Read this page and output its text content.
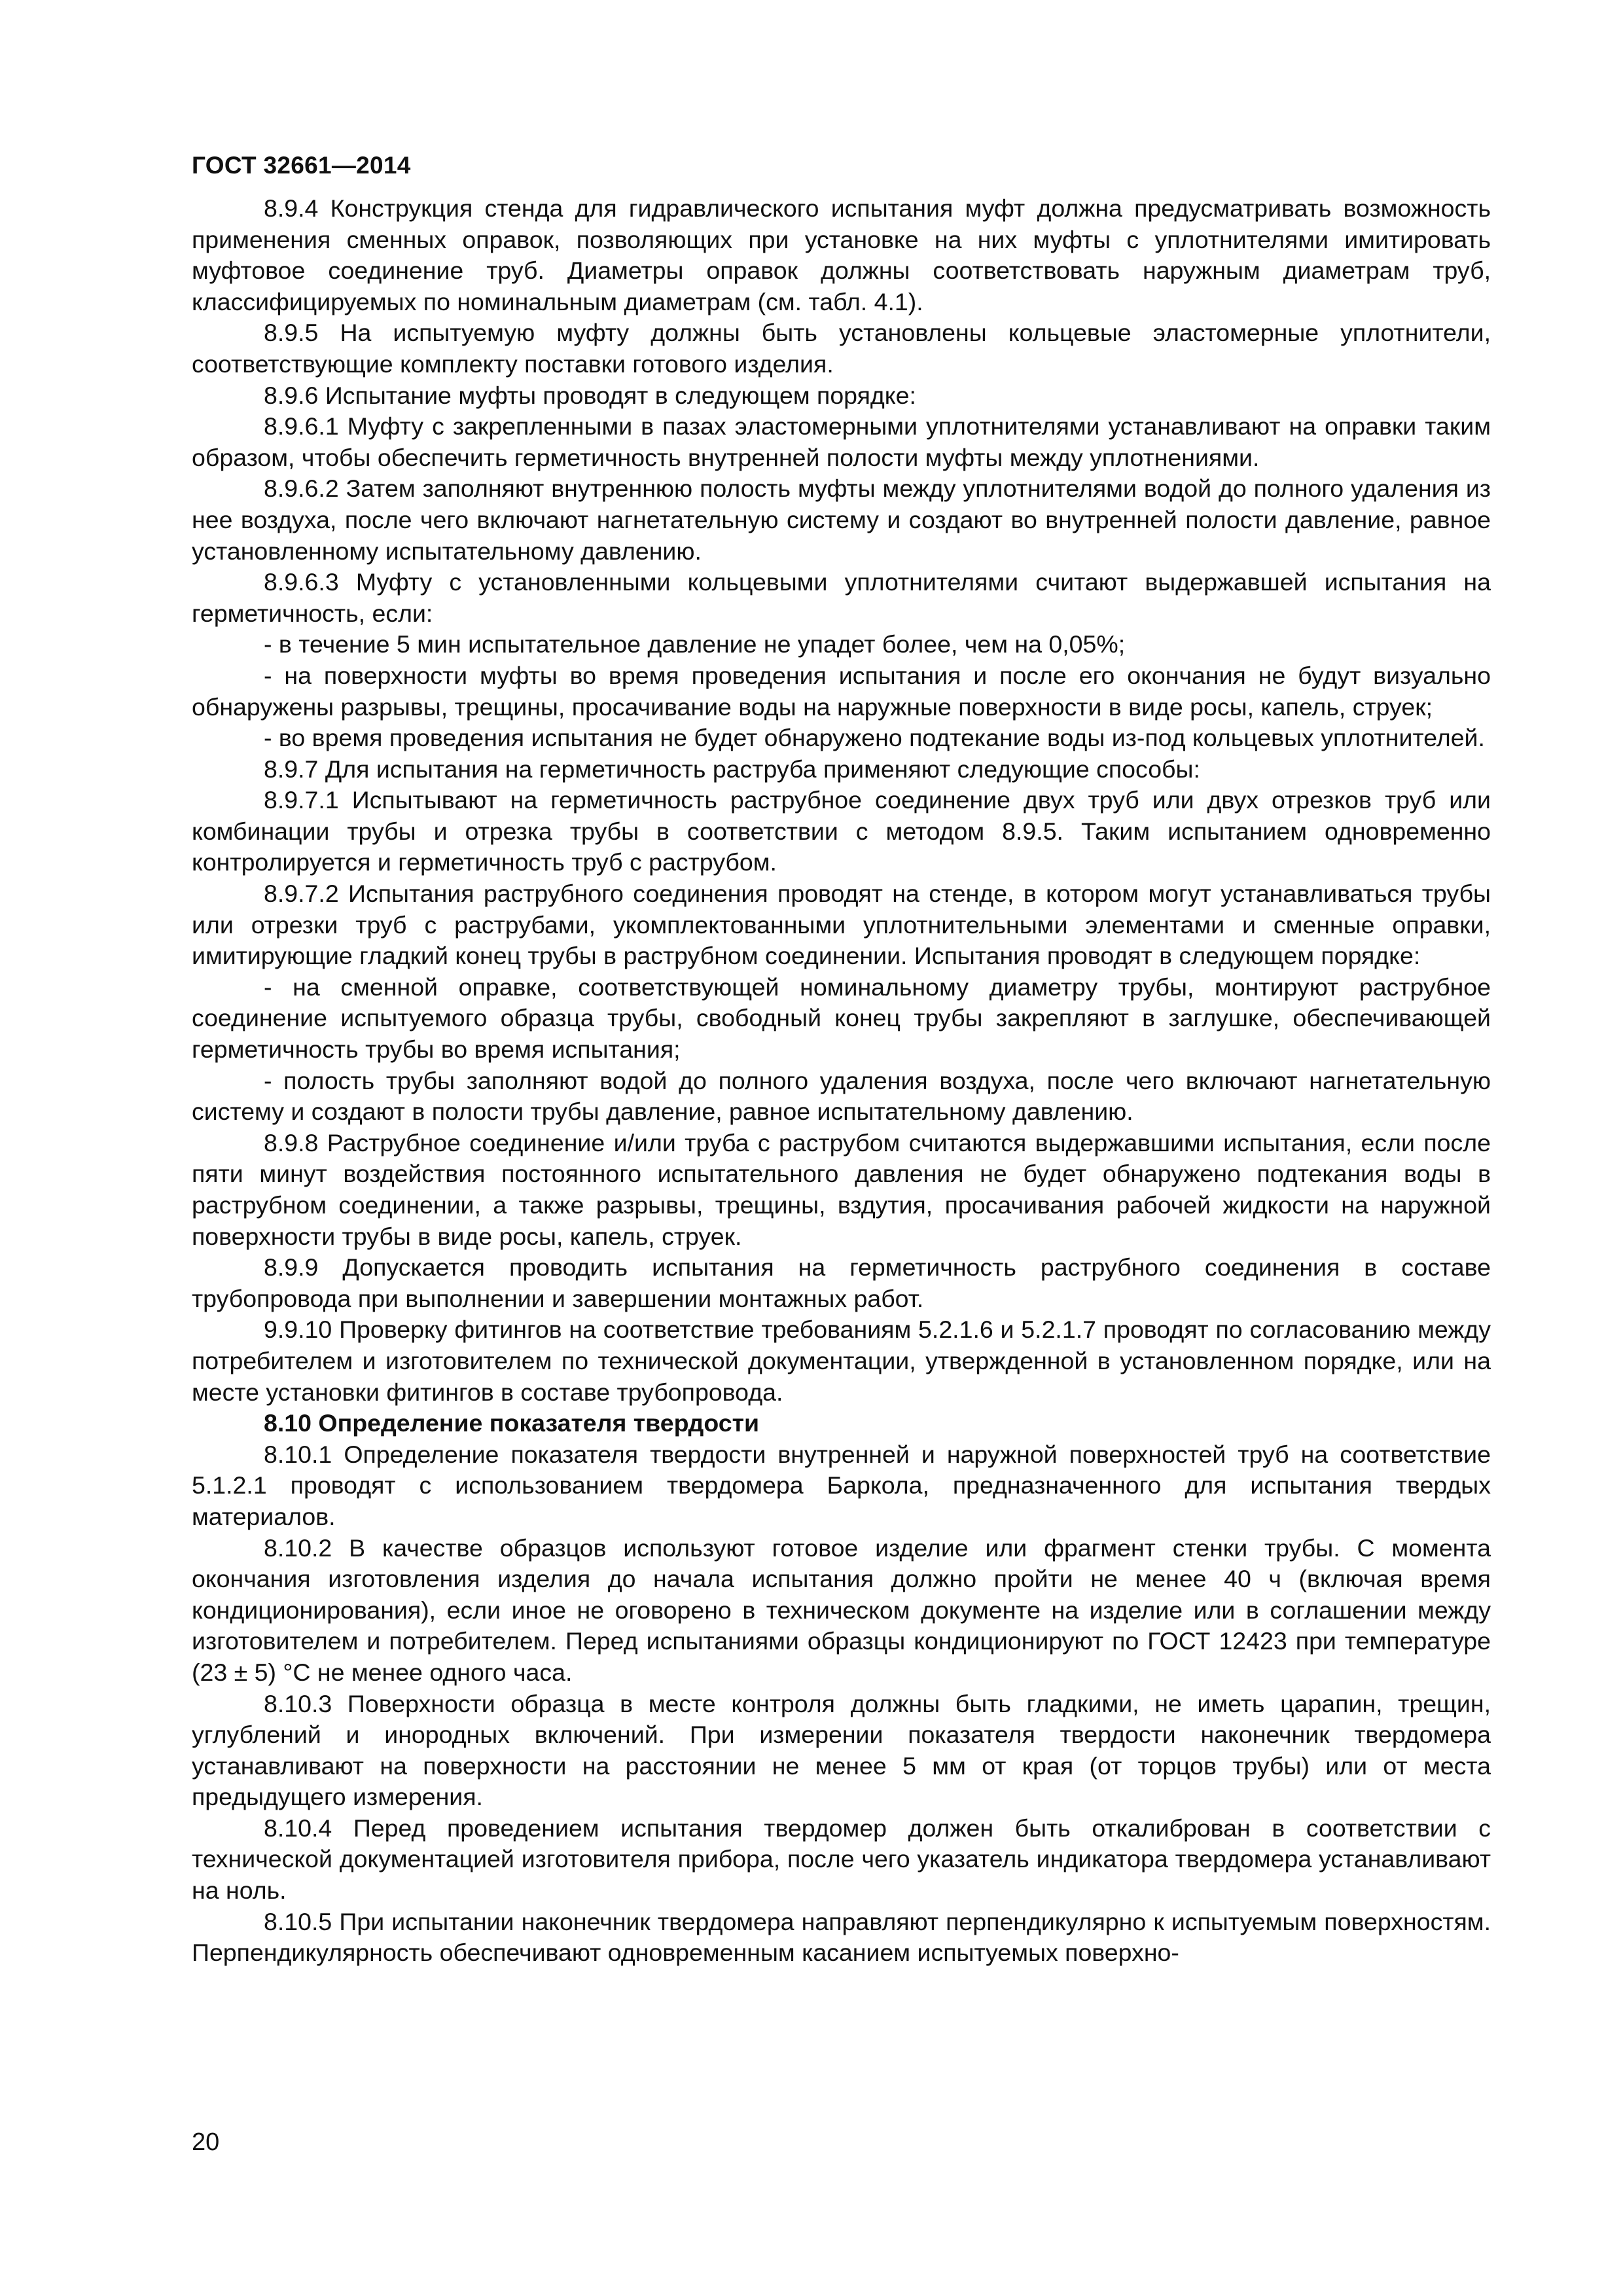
ГОСТ 32661—2014

8.9.4 Конструкция стенда для гидравлического испытания муфт должна предусматривать возможность применения сменных оправок, позволяющих при установке на них муфты с уплотнителями имитировать муфтовое соединение труб. Диаметры оправок должны соответствовать наружным диаметрам труб, классифицируемых по номинальным диаметрам (см. табл. 4.1).

8.9.5 На испытуемую муфту должны быть установлены кольцевые эластомерные уплотнители, соответствующие комплекту поставки готового изделия.

8.9.6 Испытание муфты проводят в следующем порядке:

8.9.6.1 Муфту с закрепленными в пазах эластомерными уплотнителями устанавливают на оправки таким образом, чтобы обеспечить герметичность внутренней полости муфты между уплотнениями.

8.9.6.2 Затем заполняют внутреннюю полость муфты между уплотнителями водой до полного удаления из нее воздуха, после чего включают нагнетательную систему и создают во внутренней полости давление, равное установленному испытательному давлению.

8.9.6.3 Муфту с установленными кольцевыми уплотнителями считают выдержавшей испытания на герметичность, если:

- в течение 5 мин испытательное давление не упадет более, чем на 0,05%;

- на поверхности муфты во время проведения испытания и после его окончания не будут визуально обнаружены разрывы, трещины, просачивание воды на наружные поверхности в виде росы, капель, струек;

- во время проведения испытания не будет обнаружено подтекание воды из-под кольцевых уплотнителей.

8.9.7 Для испытания на герметичность раструба применяют следующие способы:

8.9.7.1 Испытывают на герметичность раструбное соединение двух труб или двух отрезков труб или комбинации трубы и отрезка трубы в соответствии с методом 8.9.5. Таким испытанием одновременно контролируется и герметичность труб с раструбом.

8.9.7.2 Испытания раструбного соединения проводят на стенде, в котором могут устанавливаться трубы или отрезки труб с раструбами, укомплектованными уплотнительными элементами и сменные оправки, имитирующие гладкий конец трубы в раструбном соединении. Испытания проводят в следующем порядке:

- на сменной оправке, соответствующей номинальному диаметру трубы, монтируют раструбное соединение испытуемого образца трубы, свободный конец трубы закрепляют в заглушке, обеспечивающей герметичность трубы во время испытания;

- полость трубы заполняют водой до полного удаления воздуха, после чего включают нагнетательную систему и создают в полости трубы давление, равное испытательному давлению.

8.9.8 Раструбное соединение и/или труба с раструбом считаются выдержавшими испытания, если после пяти минут воздействия постоянного испытательного давления не будет обнаружено подтекания воды в раструбном соединении, а также разрывы, трещины, вздутия, просачивания рабочей жидкости на наружной поверхности трубы в виде росы, капель, струек.

8.9.9 Допускается проводить испытания на герметичность раструбного соединения в составе трубопровода при выполнении и завершении монтажных работ.

9.9.10 Проверку фитингов на соответствие требованиям 5.2.1.6 и 5.2.1.7 проводят по согласованию между потребителем и изготовителем по технической документации, утвержденной в установленном порядке, или на месте установки фитингов в составе трубопровода.

8.10 Определение показателя твердости

8.10.1 Определение показателя твердости внутренней и наружной поверхностей труб на соответствие 5.1.2.1 проводят с использованием твердомера Баркола, предназначенного для испытания твердых материалов.

8.10.2 В качестве образцов используют готовое изделие или фрагмент стенки трубы. С момента окончания изготовления изделия до начала испытания должно пройти не менее 40 ч (включая время кондиционирования), если иное не оговорено в техническом документе на изделие или в соглашении между изготовителем и потребителем. Перед испытаниями образцы кондиционируют по ГОСТ 12423 при температуре (23 ± 5) °С не менее одного часа.

8.10.3 Поверхности образца в месте контроля должны быть гладкими, не иметь царапин, трещин, углублений и инородных включений. При измерении показателя твердости наконечник твердомера устанавливают на поверхности на расстоянии не менее 5 мм от края (от торцов трубы) или от места предыдущего измерения.

8.10.4 Перед проведением испытания твердомер должен быть откалиброван в соответствии с технической документацией изготовителя прибора, после чего указатель индикатора твердомера устанавливают на ноль.

8.10.5 При испытании наконечник твердомера направляют перпендикулярно к испытуемым поверхностям. Перпендикулярность обеспечивают одновременным касанием испытуемых поверхно-

20
